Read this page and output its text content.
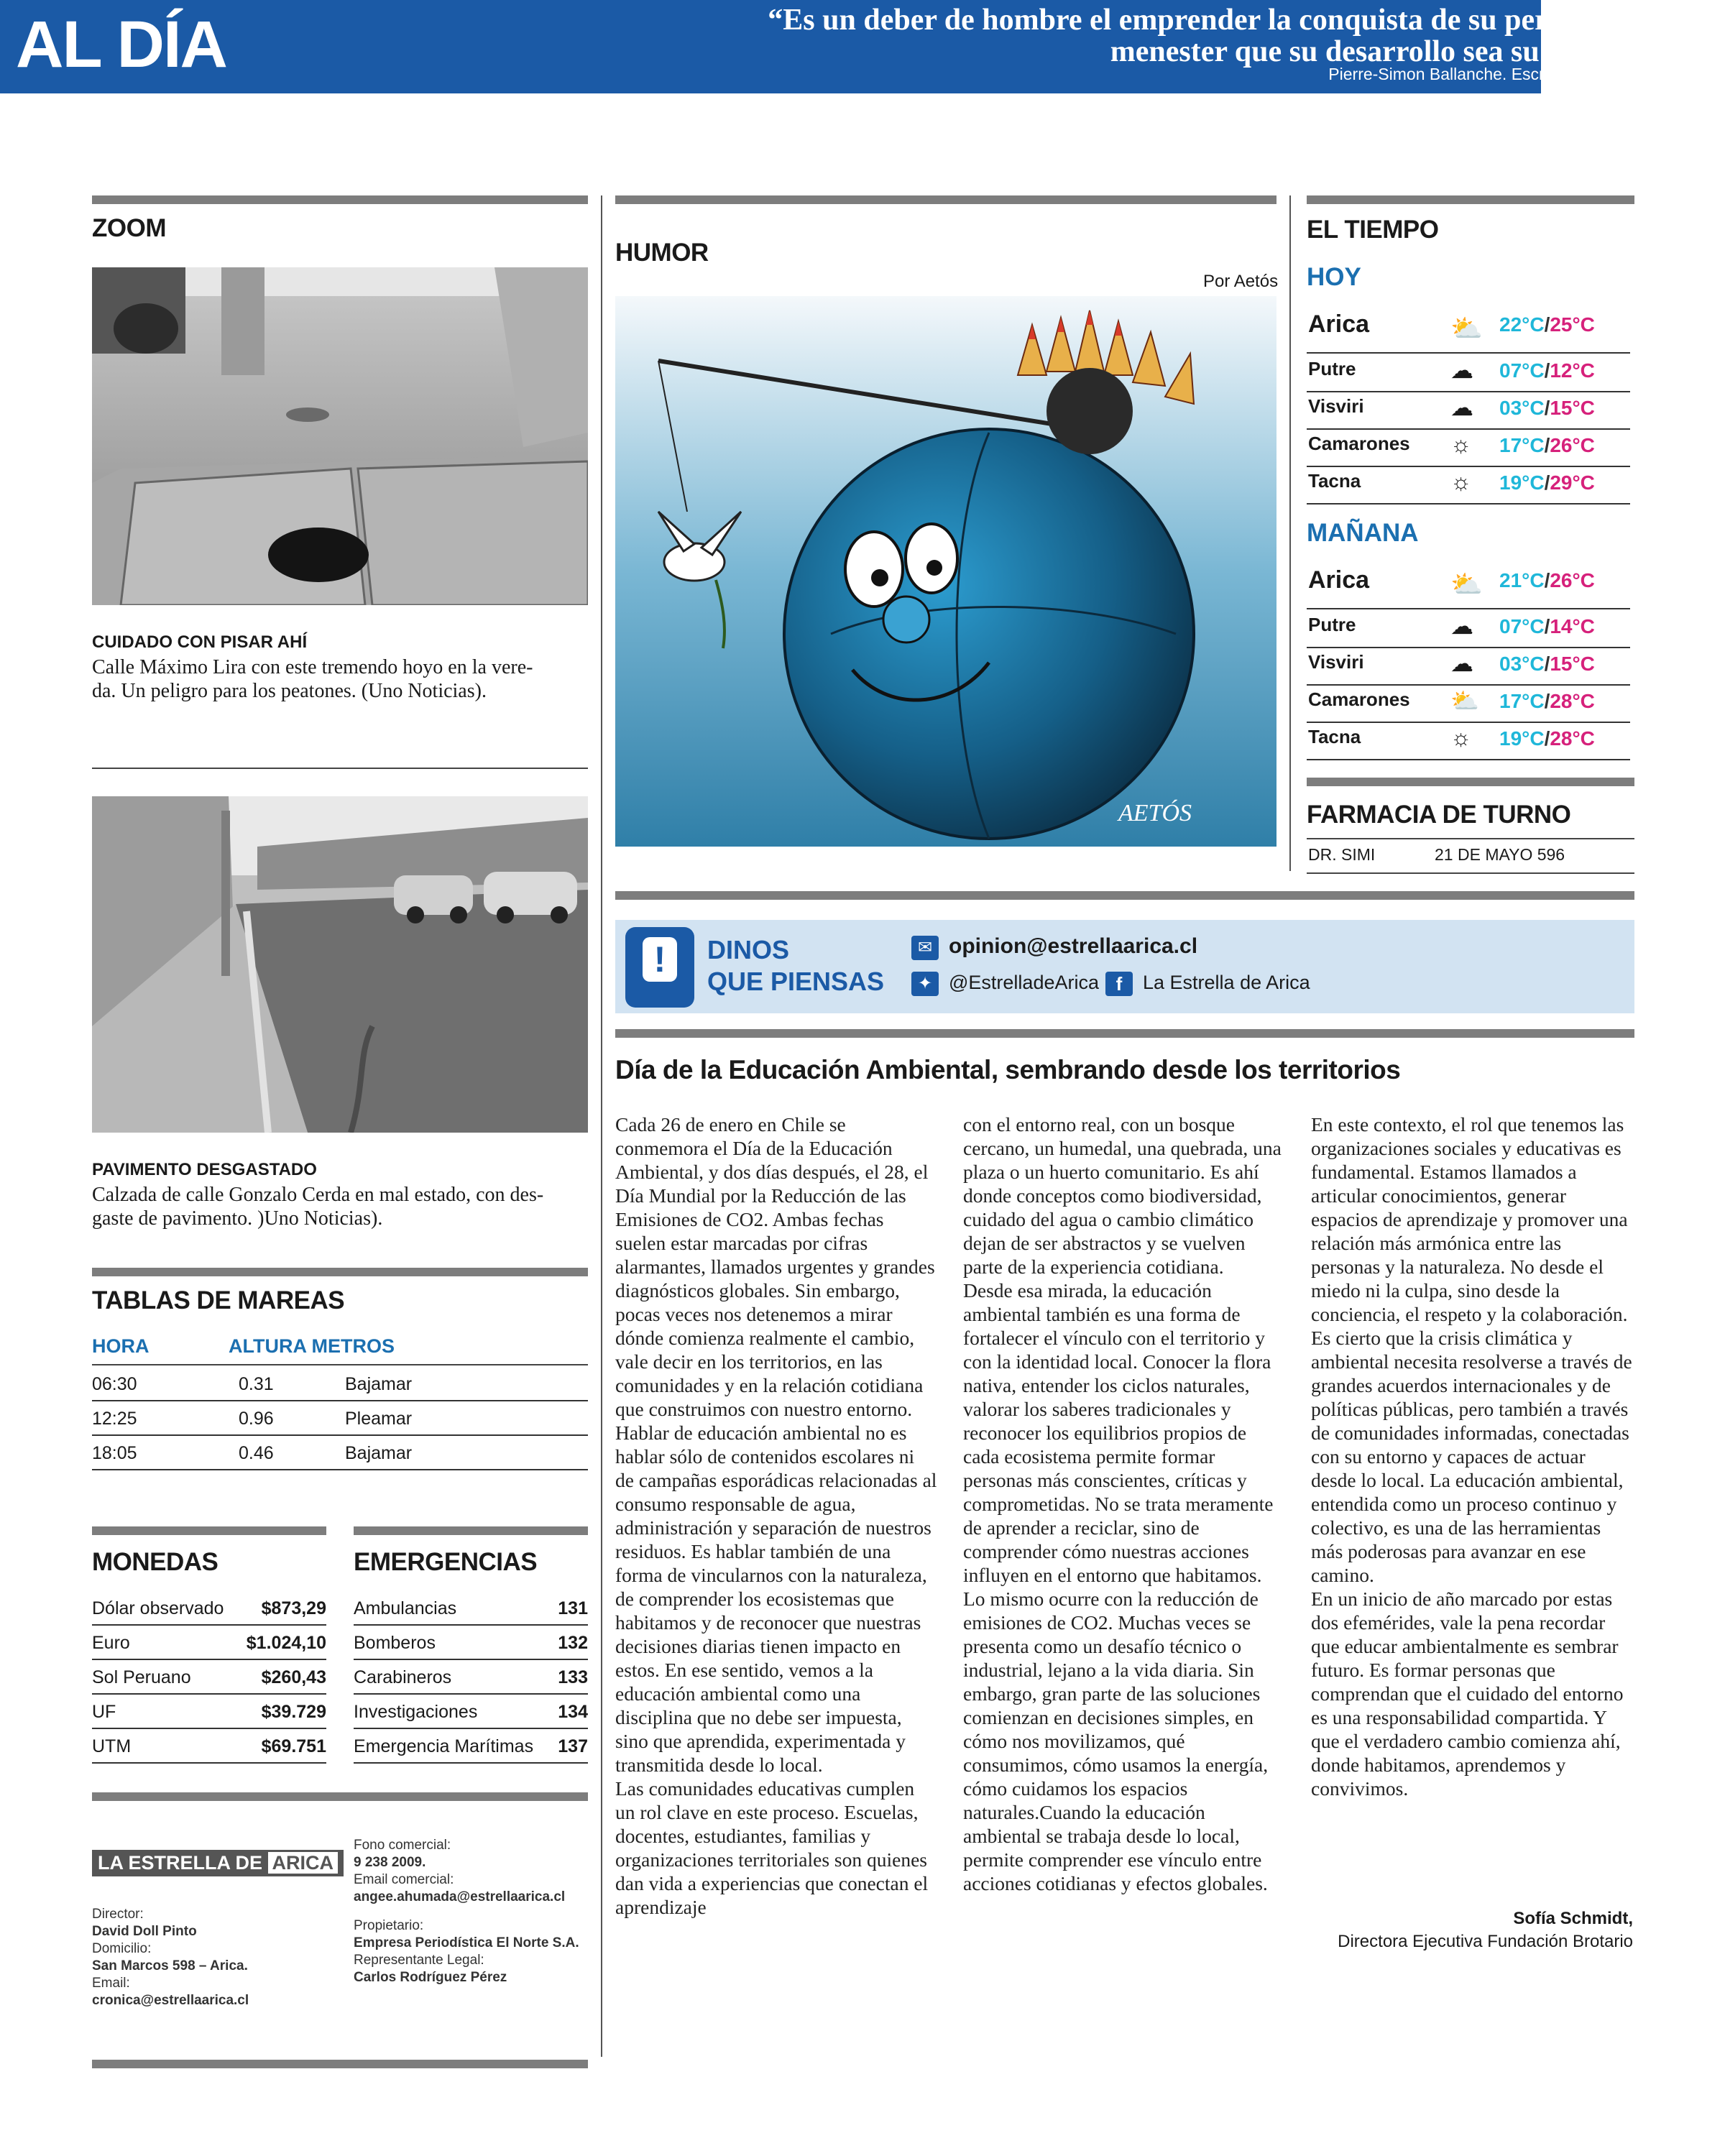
AL DÍA	“Es un deber de hombre el emprender la conquista de su personalidad; es
menester que su desarrollo sea su obra propia”
Pierre-Simon Ballanche. Escritor y filósofo francés.
ZOOM
CUIDADO CON PISAR AHÍ
Calle Máximo Lira con este tremendo hoyo en la vere-
da. Un peligro para los peatones. (Uno Noticias).
PAVIMENTO DESGASTADO
Calzada de calle Gonzalo Cerda en mal estado, con des-
gaste de pavimento. )Uno Noticias).
TABLAS DE MAREAS
HORA	ALTURA METROS
06:30	0.31	Bajamar
12:25	0.96	Pleamar
18:05	0.46	Bajamar
MONEDAS
Dólar observado $873,29
Euro	$1.024,10
Sol Peruano	$260,43
UF	$39.729
UTM	$69.751
EMERGENCIAS
Ambulancias	131
Bomberos	132
Carabineros	133
Investigaciones	134
Emergencia Marítimas 137
LA ESTRELLA DE ARICA
Director:
David Doll Pinto
Domicilio:
San Marcos 598 – Arica.
Email:
cronica@estrellaarica.cl
Fono comercial:
9 238 2009.
Email comercial:
angee.ahumada@estrellaarica.cl
Propietario:
Empresa Periodística El Norte S.A.
Representante Legal:
Carlos Rodríguez Pérez
HUMOR
Por Aetós
AETÓS
!	DINOS
QUE PIENSAS
✉ opinion@estrellaarica.cl
✦ @EstrelladeArica f	La Estrella de Arica
EL TIEMPO
HOY
Arica	⛅ 22°C/25°C
Putre	☁ 07°C/12°C
Visviri	☁ 03°C/15°C
Camarones ☼ 17°C/26°C
Tacna	☼ 19°C/29°C
MAÑANA
Arica	⛅ 21°C/26°C
Putre	☁ 07°C/14°C
Visviri	☁ 03°C/15°C
Camarones ⛅ 17°C/28°C
Tacna	☼ 19°C/28°C
FARMACIA DE TURNO
DR. SIMI	21 DE MAYO 596
Día de la Educación Ambiental, sembrando desde los territorios

Cada 26 de enero en Chile se conmemora el Día de la Educación Ambiental, y dos días después, el 28, el Día Mundial por la Reducción de las Emisiones de CO2. Ambas fechas suelen estar marcadas por cifras alarmantes, llamados urgentes y grandes diagnósticos globales. Sin embargo, pocas veces nos detenemos a mirar dónde comienza realmente el cambio, vale decir en los territorios, en las comunidades y en la relación cotidiana que construimos con nuestro entorno.

Hablar de educación ambiental no es hablar sólo de contenidos escolares ni de campañas esporádicas relacionadas al consumo responsable de agua, administración y separación de nuestros residuos. Es hablar también de una forma de vincularnos con la naturaleza, de comprender los ecosistemas que habitamos y de reconocer que nuestras decisiones diarias tienen impacto en estos. En ese sentido, vemos a la educación ambiental como una disciplina que no debe ser impuesta, sino que aprendida, experimentada y transmitida desde lo local.

Las comunidades educativas cumplen un rol clave en este proceso. Escuelas, docentes, estudiantes, familias y organizaciones territoriales son quienes dan vida a experiencias que conectan el aprendizaje

con el entorno real, con un bosque cercano, un humedal, una quebrada, una plaza o un huerto comunitario. Es ahí donde conceptos como biodiversidad, cuidado del agua o cambio climático dejan de ser abstractos y se vuelven parte de la experiencia cotidiana.

Desde esa mirada, la educación ambiental también es una forma de fortalecer el vínculo con el territorio y con la identidad local. Conocer la flora nativa, entender los ciclos naturales, valorar los saberes tradicionales y reconocer los equilibrios propios de cada ecosistema permite formar personas más conscientes, críticas y comprometidas. No se trata meramente de aprender a reciclar, sino de comprender cómo nuestras acciones influyen en el entorno que habitamos.

Lo mismo ocurre con la reducción de emisiones de CO2. Muchas veces se presenta como un desafío técnico o industrial, lejano a la vida diaria. Sin embargo, gran parte de las soluciones comienzan en decisiones simples, en cómo nos movilizamos, qué consumimos, cómo usamos la energía, cómo cuidamos los espacios naturales.Cuando la educación ambiental se trabaja desde lo local, permite comprender ese vínculo entre acciones cotidianas y efectos globales.

En este contexto, el rol que tenemos las organizaciones sociales y educativas es fundamental. Estamos llamados a articular conocimientos, generar espacios de aprendizaje y promover una relación más armónica entre las personas y la naturaleza. No desde el miedo ni la culpa, sino desde la conciencia, el respeto y la colaboración.

Es cierto que la crisis climática y ambiental necesita resolverse a través de grandes acuerdos internacionales y de políticas públicas, pero también a través de comunidades informadas, conectadas con su entorno y capaces de actuar desde lo local. La educación ambiental, entendida como un proceso continuo y colectivo, es una de las herramientas más poderosas para avanzar en ese camino.

En un inicio de año marcado por estas dos efemérides, vale la pena recordar que educar ambientalmente es sembrar futuro. Es formar personas que comprendan que el cuidado del entorno es una responsabilidad compartida. Y que el verdadero cambio comienza ahí, donde habitamos, aprendemos y convivimos.

Sofía Schmidt,
Directora Ejecutiva Fundación Brotario
